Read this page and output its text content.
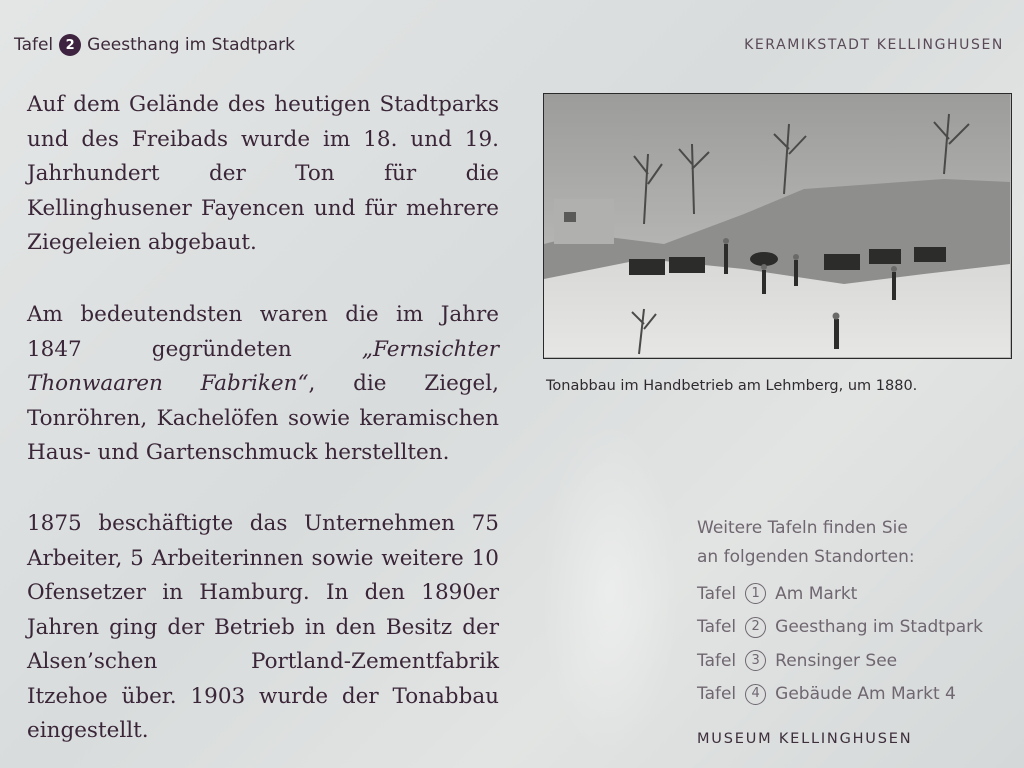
Tafel 2 Geesthang im Stadtpark	KERAMIKSTADT KELLINGHUSEN

Auf dem Gelände des heutigen Stadtparks und des Freibads wurde im 18. und 19. Jahrhundert der Ton für die Kellinghusener Fayencen und für mehrere Ziegeleien abgebaut.

Am bedeutendsten waren die im Jahre 1847 gegründeten „Fernsichter Thonwaaren Fabriken“, die Ziegel, Tonröhren, Kachelöfen sowie keramischen Haus- und Gartenschmuck herstellten.

1875 beschäftigte das Unternehmen 75 Arbeiter, 5 Arbeiterinnen sowie weitere 10 Ofensetzer in Hamburg. In den 1890er Jahren ging der Betrieb in den Besitz der Alsen’schen Portland-Zementfabrik Itzehoe über. 1903 wurde der Tonabbau eingestellt.

Tonabbau im Handbetrieb am Lehmberg, um 1880.
Weitere Tafeln finden Sie
an folgenden Standorten:
Tafel	1 Am Markt
Tafel	2 Geesthang im Stadtpark
Tafel	3 Rensinger See
Tafel	4 Gebäude Am Markt 4
MUSEUM KELLINGHUSEN
